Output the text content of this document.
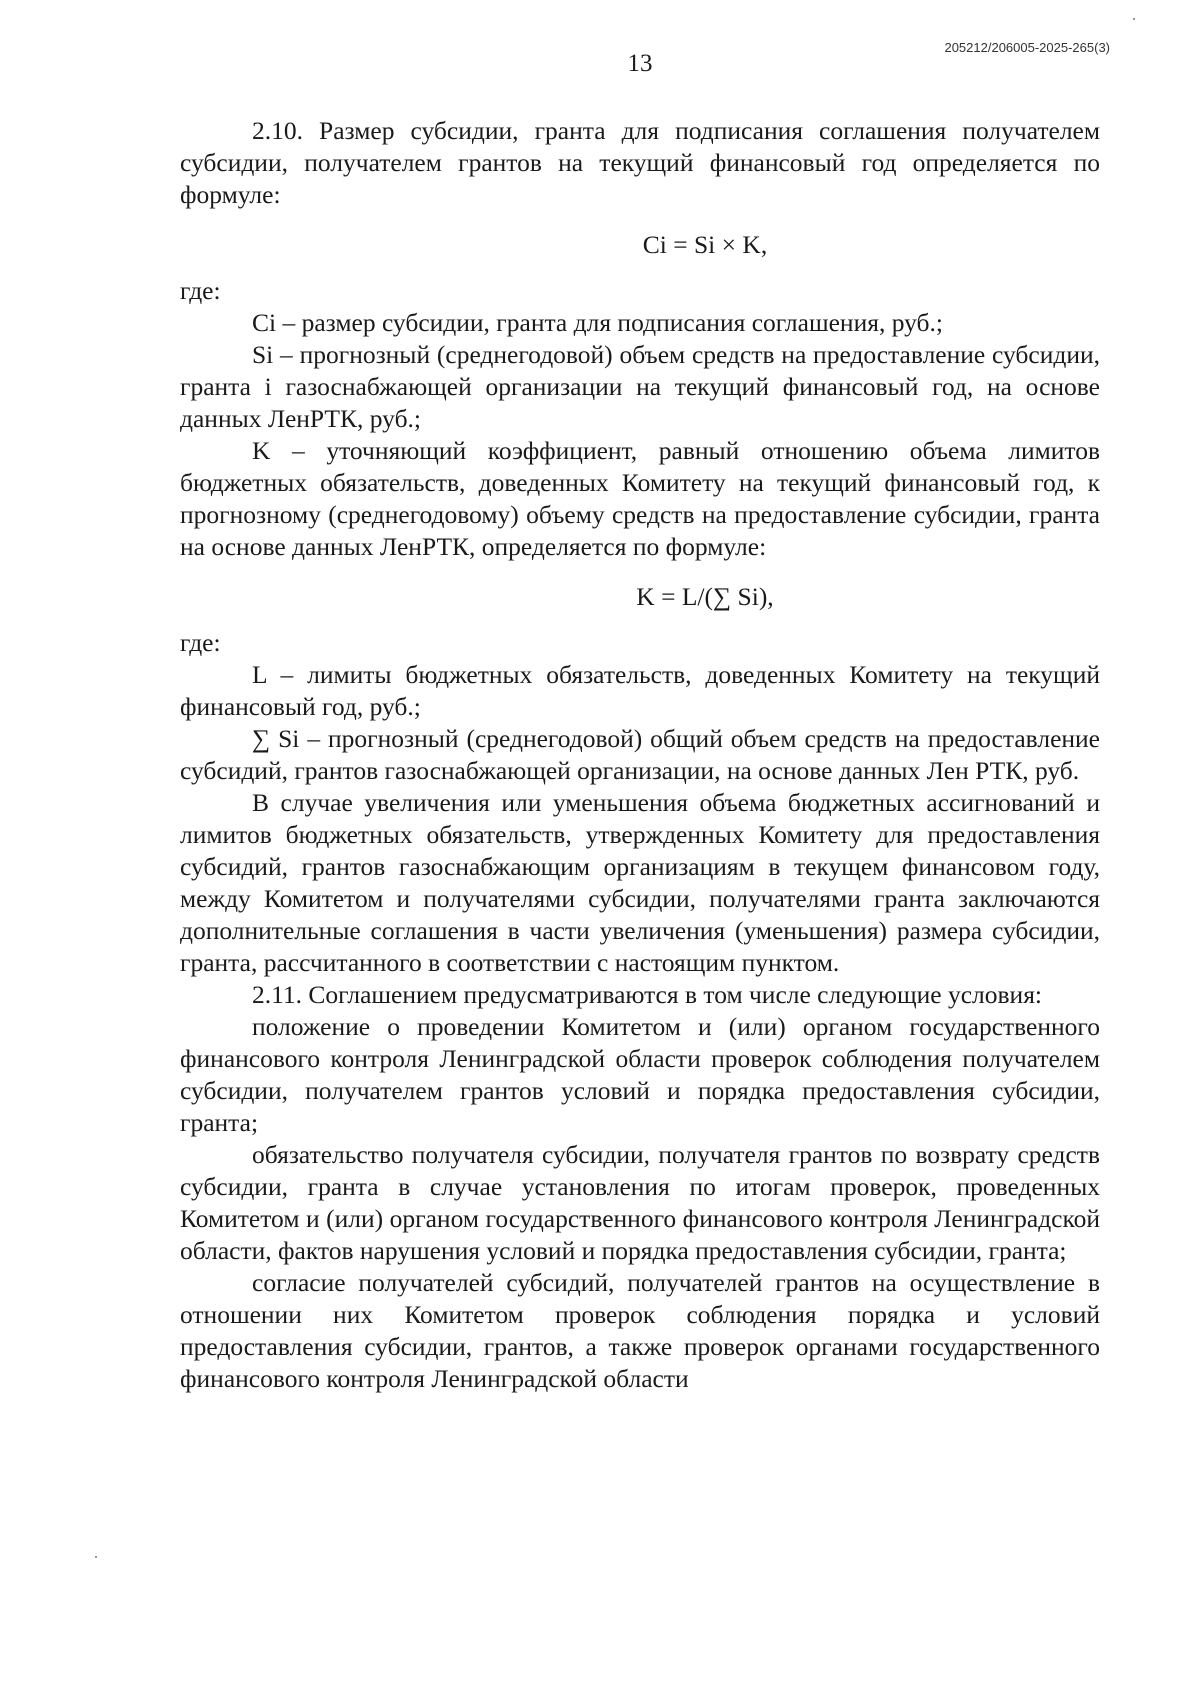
13
205212/206005-2025-265(3)

2.10. Размер субсидии, гранта для подписания соглашения получателем субсидии, получателем грантов на текущий финансовый год определяется по формуле:

Ci = Si × K,

где:

Ci – размер субсидии, гранта для подписания соглашения, руб.;

Si – прогнозный (среднегодовой) объем средств на предоставление субсидии, гранта i газоснабжающей организации на текущий финансовый год, на основе данных ЛенРТК, руб.;

K – уточняющий коэффициент, равный отношению объема лимитов бюджетных обязательств, доведенных Комитету на текущий финансовый год, к прогнозному (среднегодовому) объему средств на предоставление субсидии, гранта на основе данных ЛенРТК, определяется по формуле:

K = L/(∑ Si),

где:

L – лимиты бюджетных обязательств, доведенных Комитету на текущий финансовый год, руб.;

∑ Si – прогнозный (среднегодовой) общий объем средств на предоставление субсидий, грантов газоснабжающей организации, на основе данных Лен РТК, руб.

В случае увеличения или уменьшения объема бюджетных ассигнований и лимитов бюджетных обязательств, утвержденных Комитету для предоставления субсидий, грантов газоснабжающим организациям в текущем финансовом году, между Комитетом и получателями субсидии, получателями гранта заключаются дополнительные соглашения в части увеличения (уменьшения) размера субсидии, гранта, рассчитанного в соответствии с настоящим пунктом.

2.11. Соглашением предусматриваются в том числе следующие условия:

положение о проведении Комитетом и (или) органом государственного финансового контроля Ленинградской области проверок соблюдения получателем субсидии, получателем грантов условий и порядка предоставления субсидии, гранта;

обязательство получателя субсидии, получателя грантов по возврату средств субсидии, гранта в случае установления по итогам проверок, проведенных Комитетом и (или) органом государственного финансового контроля Ленинградской области, фактов нарушения условий и порядка предоставления субсидии, гранта;

согласие получателей субсидий, получателей грантов на осуществление в отношении них Комитетом проверок соблюдения порядка и условий предоставления субсидии, грантов, а также проверок органами государственного финансового контроля Ленинградской области
